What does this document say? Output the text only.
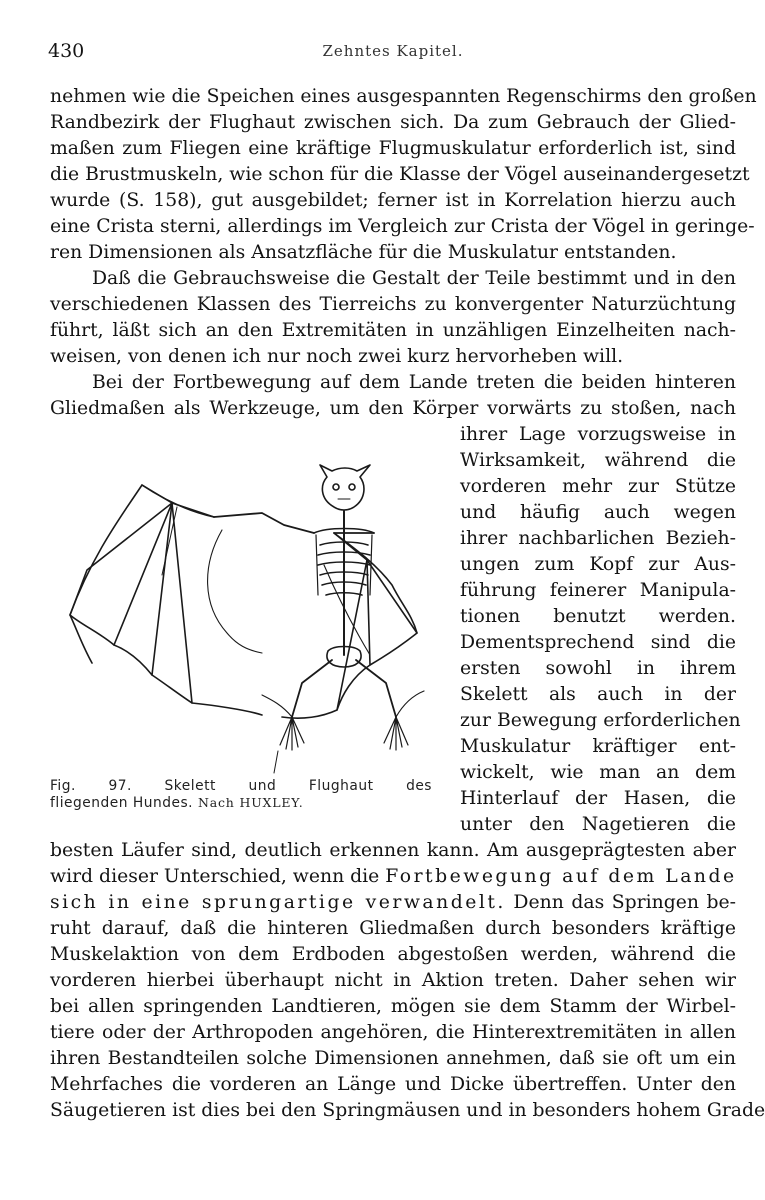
430	Zehntes Kapitel.
nehmen wie die Speichen eines ausgespannten Regenschirms den großen
Randbezirk der Flughaut zwischen sich. Da zum Gebrauch der Glied-
maßen zum Fliegen eine kräftige Flugmuskulatur erforderlich ist, sind
die Brustmuskeln, wie schon für die Klasse der Vögel auseinandergesetzt
wurde (S. 158), gut ausgebildet; ferner ist in Korrelation hierzu auch
eine Crista sterni, allerdings im Vergleich zur Crista der Vögel in geringe-
ren Dimensionen als Ansatzfläche für die Muskulatur entstanden.
Daß die Gebrauchsweise die Gestalt der Teile bestimmt und in den
verschiedenen Klassen des Tierreichs zu konvergenter Naturzüchtung
führt, läßt sich an den Extremitäten in unzähligen Einzelheiten nach-
weisen, von denen ich nur noch zwei kurz hervorheben will.
Bei der Fortbewegung auf dem Lande treten die beiden hinteren
Gliedmaßen als Werkzeuge, um den Körper vorwärts zu stoßen, nach
ihrer Lage vorzugsweise in
Wirksamkeit, während die
vorderen mehr zur Stütze
und häufig auch wegen
ihrer nachbarlichen Bezieh-
ungen zum Kopf zur Aus-
führung feinerer Manipula-
tionen benutzt werden.
Dementsprechend sind die
ersten sowohl in ihrem
Skelett als auch in der
zur Bewegung erforderlichen
Muskulatur kräftiger ent-
wickelt, wie man an dem
Hinterlauf der Hasen, die
unter den Nagetieren die
Fig. 97. Skelett und Flughaut des
fliegenden Hundes. Nach HUXLEY.
besten Läufer sind, deutlich erkennen kann. Am ausgeprägtesten aber
wird dieser Unterschied, wenn die Fortbewegung auf dem Lande
sich in eine sprungartige verwandelt. Denn das Springen be-
ruht darauf, daß die hinteren Gliedmaßen durch besonders kräftige
Muskelaktion von dem Erdboden abgestoßen werden, während die
vorderen hierbei überhaupt nicht in Aktion treten. Daher sehen wir
bei allen springenden Landtieren, mögen sie dem Stamm der Wirbel-
tiere oder der Arthropoden angehören, die Hinterextremitäten in allen
ihren Bestandteilen solche Dimensionen annehmen, daß sie oft um ein
Mehrfaches die vorderen an Länge und Dicke übertreffen. Unter den
Säugetieren ist dies bei den Springmäusen und in besonders hohem Grade
